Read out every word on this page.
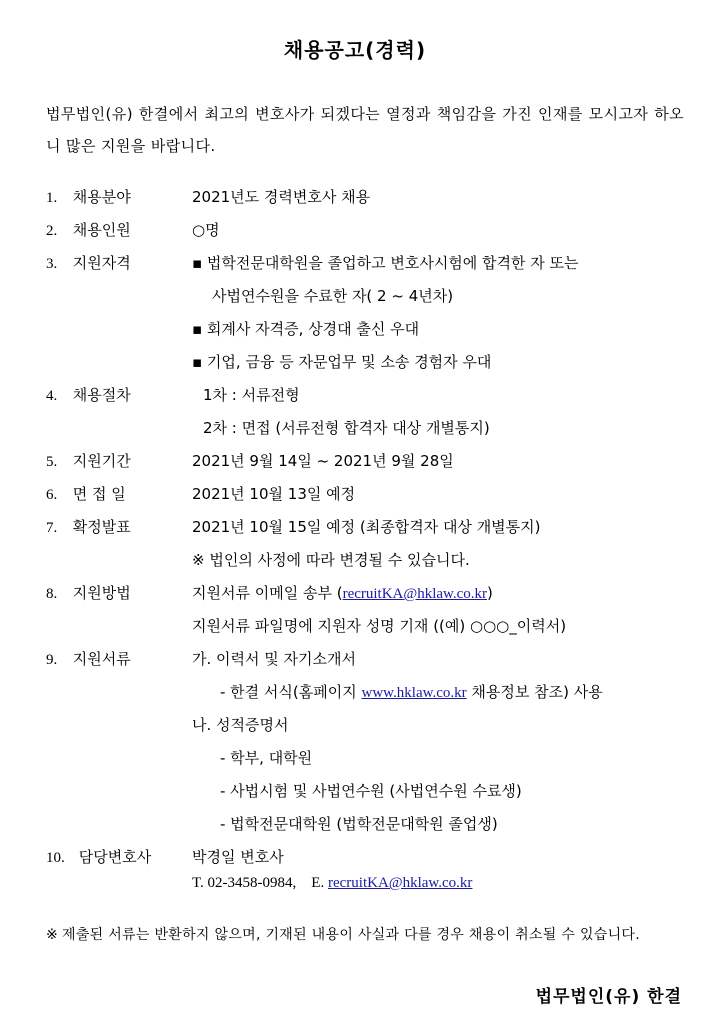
채용공고(경력)
법무법인(유) 한결에서 최고의 변호사가 되겠다는 열정과 책임감을 가진 인재를 모시고자 하오니 많은 지원을 바랍니다.
1. 채용분야	2021년도 경력변호사 채용
2. 채용인원	○명
3. 지원자격	▪ 법학전문대학원을 졸업하고 변호사시험에 합격한 자 또는
사법연수원을 수료한 자( 2 ~ 4년차)
▪ 회계사 자격증, 상경대 출신 우대
▪ 기업, 금융 등 자문업무 및 소송 경험자 우대
4. 채용절차	1차 : 서류전형
2차 : 면접 (서류전형 합격자 대상 개별통지)
5. 지원기간	2021년 9월 14일 ~ 2021년 9월 28일
6. 면 접 일	2021년 10월 13일 예정
7. 확정발표	2021년 10월 15일 예정 (최종합격자 대상 개별통지)
※ 법인의 사정에 따라 변경될 수 있습니다.
8. 지원방법	지원서류 이메일 송부 (recruitKA@hklaw.co.kr)
지원서류 파일명에 지원자 성명 기재 ((예) ○○○_이력서)
9. 지원서류	가. 이력서 및 자기소개서
- 한결 서식(홈페이지 www.hklaw.co.kr 채용정보 참조) 사용
나. 성적증명서
- 학부, 대학원
- 사법시험 및 사법연수원 (사법연수원 수료생)
- 법학전문대학원 (법학전문대학원 졸업생)
10. 담당변호사	박경일 변호사
T. 02-3458-0984, E. recruitKA@hklaw.co.kr
※ 제출된 서류는 반환하지 않으며, 기재된 내용이 사실과 다를 경우 채용이 취소될 수 있습니다.
법무법인(유) 한결
